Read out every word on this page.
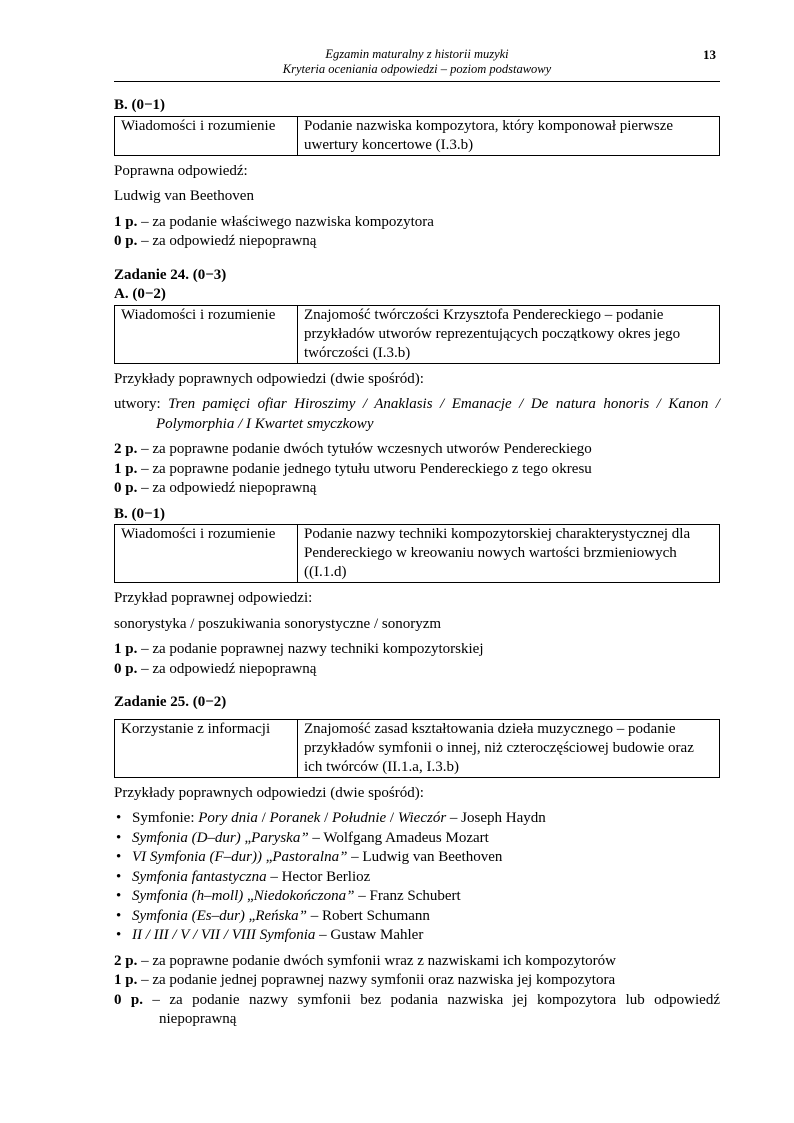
Egzamin maturalny z historii muzyki
Kryteria oceniania odpowiedzi – poziom podstawowy
13

B. (0−1)

Wiadomości i rozumienie	Podanie nazwiska kompozytora, który komponował pierwsze uwertury koncertowe (I.3.b)

Poprawna odpowiedź:

Ludwig van Beethoven

1 p. – za podanie właściwego nazwiska kompozytora

0 p. – za odpowiedź niepoprawną

Zadanie 24. (0−3)

A. (0−2)

Wiadomości i rozumienie	Znajomość twórczości Krzysztofa Pendereckiego – podanie przykładów utworów reprezentujących początkowy okres jego twórczości (I.3.b)

Przykłady poprawnych odpowiedzi (dwie spośród):

utwory: Tren pamięci ofiar Hiroszimy / Anaklasis / Emanacje / De natura honoris / Kanon / Polymorphia / I Kwartet smyczkowy

2 p. – za poprawne podanie dwóch tytułów wczesnych utworów Pendereckiego

1 p. – za poprawne podanie jednego tytułu utworu Pendereckiego z tego okresu

0 p. – za odpowiedź niepoprawną

B. (0−1)

Wiadomości i rozumienie	Podanie nazwy techniki kompozytorskiej charakterystycznej dla Pendereckiego w kreowaniu nowych wartości brzmieniowych ((I.1.d)

Przykład poprawnej odpowiedzi:

sonorystyka / poszukiwania sonorystyczne / sonoryzm

1 p. – za podanie poprawnej nazwy techniki kompozytorskiej

0 p. – za odpowiedź niepoprawną

Zadanie 25. (0−2)

Korzystanie z informacji	Znajomość zasad kształtowania dzieła muzycznego – podanie przykładów symfonii o innej, niż czteroczęściowej budowie oraz ich twórców (II.1.a, I.3.b)

Przykłady poprawnych odpowiedzi (dwie spośród):

• Symfonie: Pory dnia / Poranek / Południe / Wieczór – Joseph Haydn
• Symfonia (D–dur) „Paryska” – Wolfgang Amadeus Mozart
• VI Symfonia (F–dur)) „Pastoralna” – Ludwig van Beethoven
• Symfonia fantastyczna – Hector Berlioz
• Symfonia (h–moll) „Niedokończona” – Franz Schubert
• Symfonia (Es–dur) „Reńska” – Robert Schumann
• II / III / V / VII / VIII Symfonia – Gustaw Mahler

2 p. – za poprawne podanie dwóch symfonii wraz z nazwiskami ich kompozytorów

1 p. – za podanie jednej poprawnej nazwy symfonii oraz nazwiska jej kompozytora

0 p. – za podanie nazwy symfonii bez podania nazwiska jej kompozytora lub odpowiedź niepoprawną
